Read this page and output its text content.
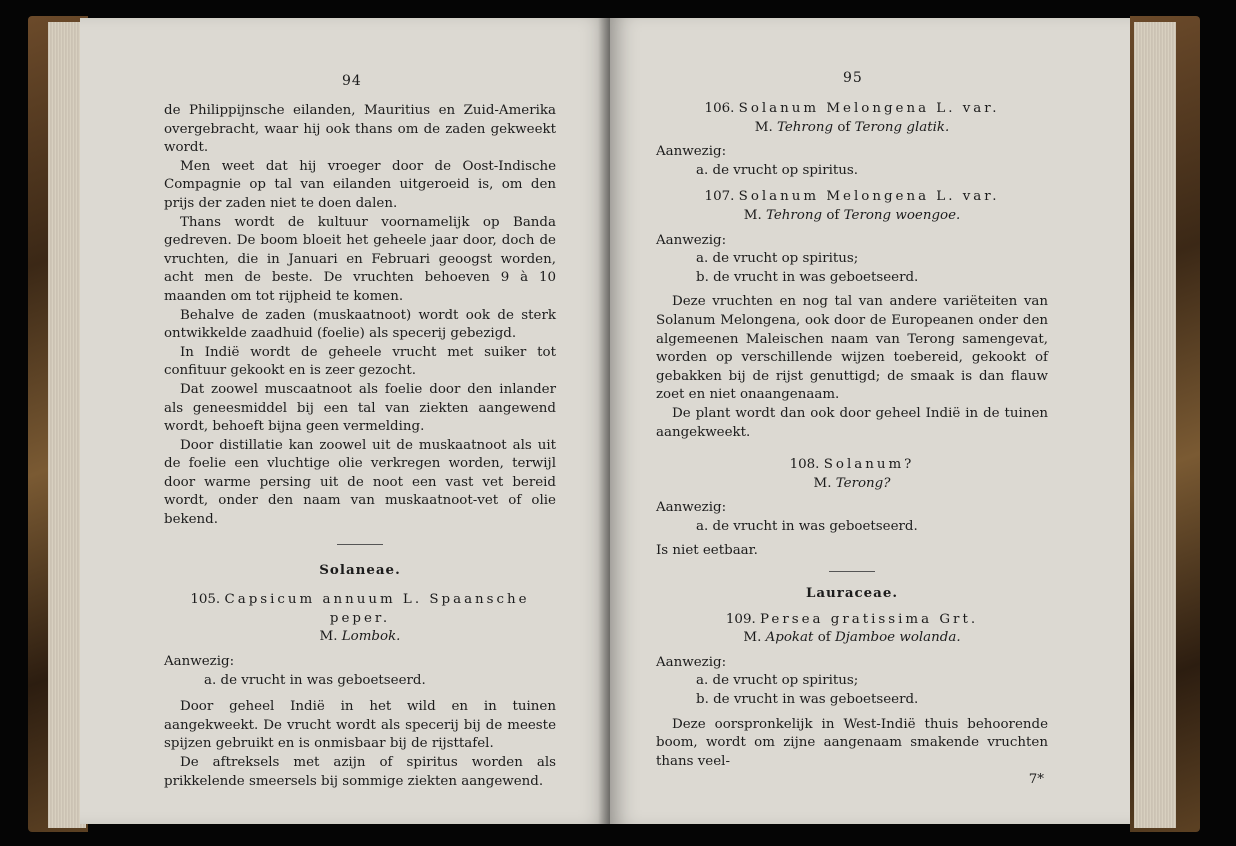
94

de Philippijnsche eilanden, Mauritius en Zuid-Amerika overgebracht, waar hij ook thans om de zaden gekweekt wordt.

Men weet dat hij vroeger door de Oost-Indische Compagnie op tal van eilanden uitgeroeid is, om den prijs der zaden niet te doen dalen.

Thans wordt de kultuur voornamelijk op Banda gedreven. De boom bloeit het geheele jaar door, doch de vruchten, die in Januari en Februari geoogst worden, acht men de beste. De vruchten behoeven 9 à 10 maanden om tot rijpheid te komen.

Behalve de zaden (muskaatnoot) wordt ook de sterk ontwikkelde zaadhuid (foelie) als specerij gebezigd.

In Indië wordt de geheele vrucht met suiker tot confituur gekookt en is zeer gezocht.

Dat zoowel muscaatnoot als foelie door den inlander als geneesmiddel bij een tal van ziekten aangewend wordt, behoeft bijna geen vermelding.

Door distillatie kan zoowel uit de muskaatnoot als uit de foelie een vluchtige olie verkregen worden, terwijl door warme persing uit de noot een vast vet bereid wordt, onder den naam van muskaatnoot-vet of olie bekend.

Solaneae.

105. Capsicum annuum L. Spaansche peper.

M. Lombok.

Aanwezig:

a. de vrucht in was geboetseerd.

Door geheel Indië in het wild en in tuinen aangekweekt. De vrucht wordt als specerij bij de meeste spijzen gebruikt en is onmisbaar bij de rijsttafel.

De aftreksels met azijn of spiritus worden als prikkelende smeersels bij sommige ziekten aangewend.

95

106. Solanum Melongena L. var.

M. Tehrong of Terong glatik.

Aanwezig:

a. de vrucht op spiritus.

107. Solanum Melongena L. var.

M. Tehrong of Terong woengoe.

Aanwezig:

a. de vrucht op spiritus;

b. de vrucht in was geboetseerd.

Deze vruchten en nog tal van andere variëteiten van Solanum Melongena, ook door de Europeanen onder den algemeenen Maleischen naam van Terong samengevat, worden op verschillende wijzen toebereid, gekookt of gebakken bij de rijst genuttigd; de smaak is dan flauw zoet en niet onaangenaam.

De plant wordt dan ook door geheel Indië in de tuinen aangekweekt.

108. Solanum?

M. Terong?

Aanwezig:

a. de vrucht in was geboetseerd.

Is niet eetbaar.

Lauraceae.

109. Persea gratissima Grt.

M. Apokat of Djamboe wolanda.

Aanwezig:

a. de vrucht op spiritus;

b. de vrucht in was geboetseerd.

Deze oorspronkelijk in West-Indië thuis behoorende boom, wordt om zijne aangenaam smakende vruchten thans veel-

7*
